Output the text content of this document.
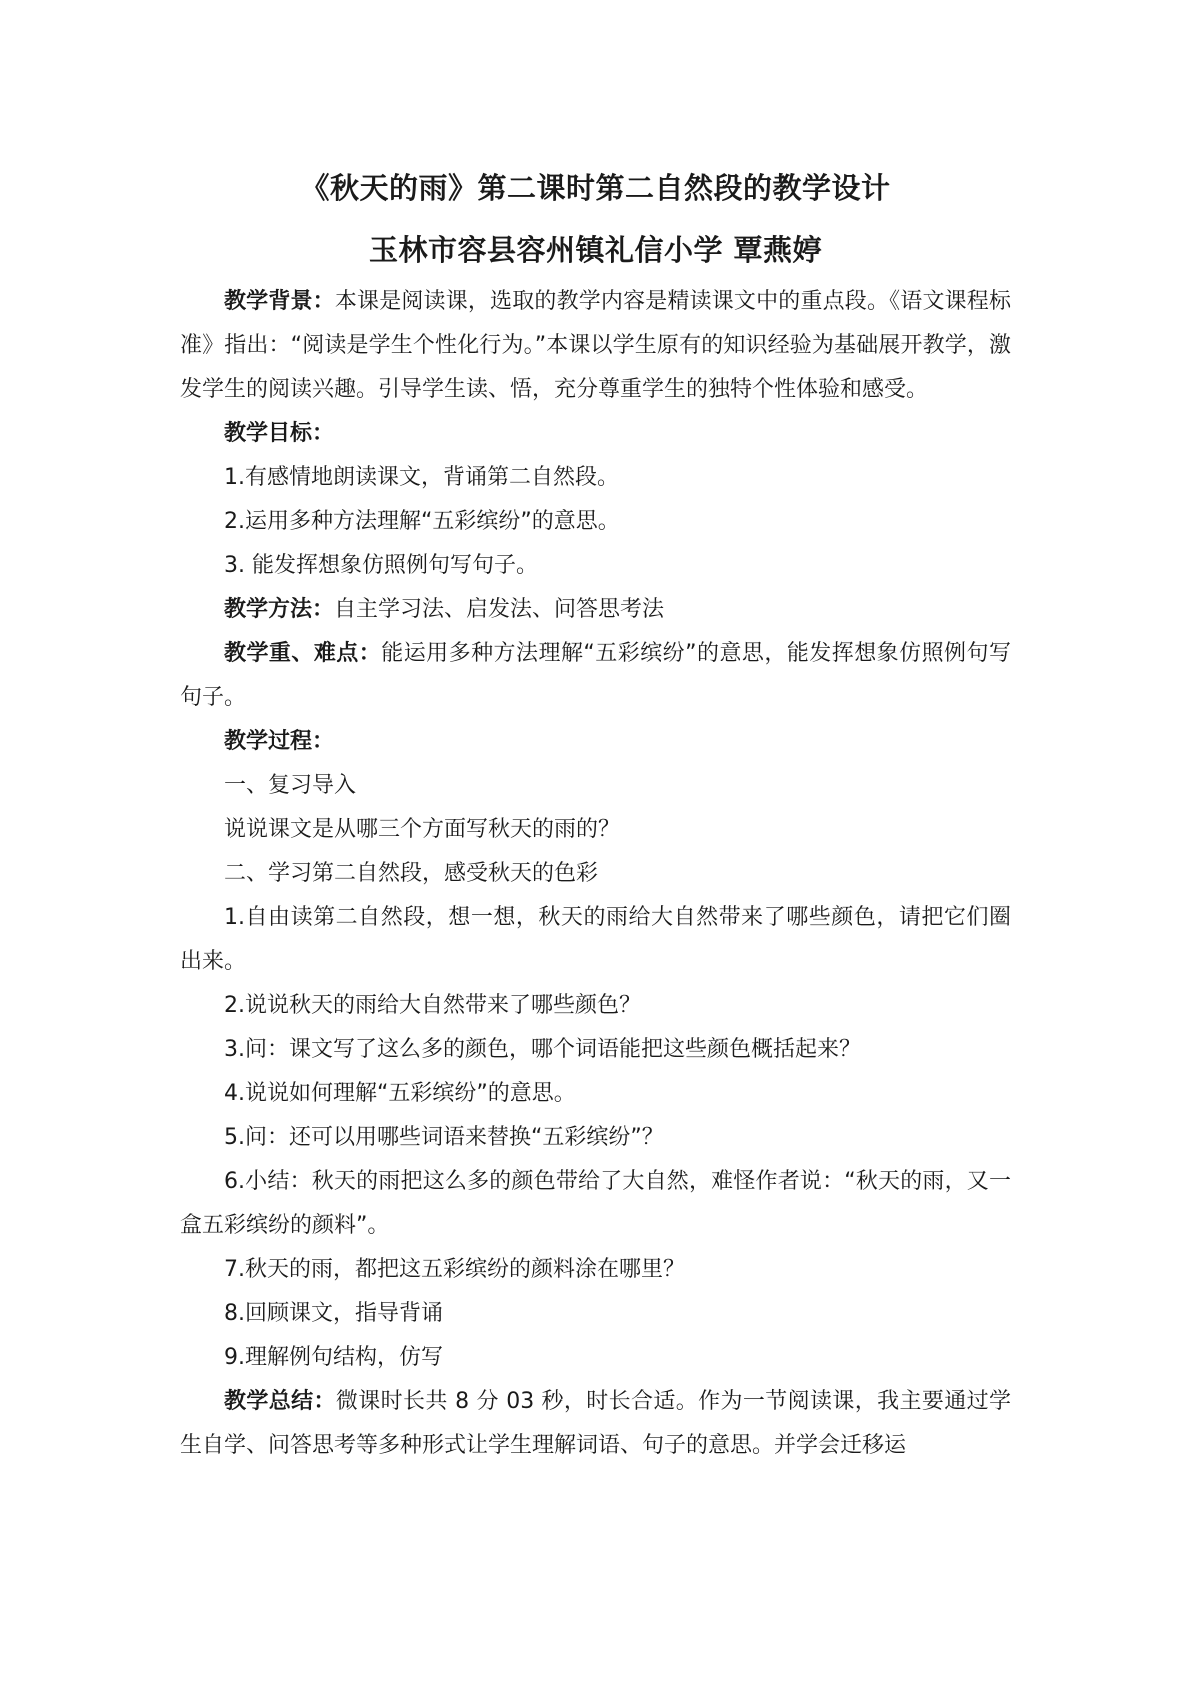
《秋天的雨》第二课时第二自然段的教学设计
玉林市容县容州镇礼信小学 覃燕婷

教学背景：本课是阅读课，选取的教学内容是精读课文中的重点段。《语文课程标准》指出：“阅读是学生个性化行为。”本课以学生原有的知识经验为基础展开教学，激发学生的阅读兴趣。引导学生读、悟，充分尊重学生的独特个性体验和感受。

教学目标：

1.有感情地朗读课文，背诵第二自然段。

2.运用多种方法理解“五彩缤纷”的意思。

3. 能发挥想象仿照例句写句子。

教学方法：自主学习法、启发法、问答思考法

教学重、难点：能运用多种方法理解“五彩缤纷”的意思，能发挥想象仿照例句写句子。

教学过程：

一、复习导入

说说课文是从哪三个方面写秋天的雨的？

二、学习第二自然段，感受秋天的色彩

1.自由读第二自然段，想一想，秋天的雨给大自然带来了哪些颜色，请把它们圈出来。

2.说说秋天的雨给大自然带来了哪些颜色？

3.问：课文写了这么多的颜色，哪个词语能把这些颜色概括起来？

4.说说如何理解“五彩缤纷”的意思。

5.问：还可以用哪些词语来替换“五彩缤纷”？

6.小结：秋天的雨把这么多的颜色带给了大自然，难怪作者说：“秋天的雨，又一盒五彩缤纷的颜料”。

7.秋天的雨，都把这五彩缤纷的颜料涂在哪里？

8.回顾课文，指导背诵

9.理解例句结构，仿写

教学总结：微课时长共 8 分 03 秒，时长合适。作为一节阅读课，我主要通过学生自学、问答思考等多种形式让学生理解词语、句子的意思。并学会迁移运
